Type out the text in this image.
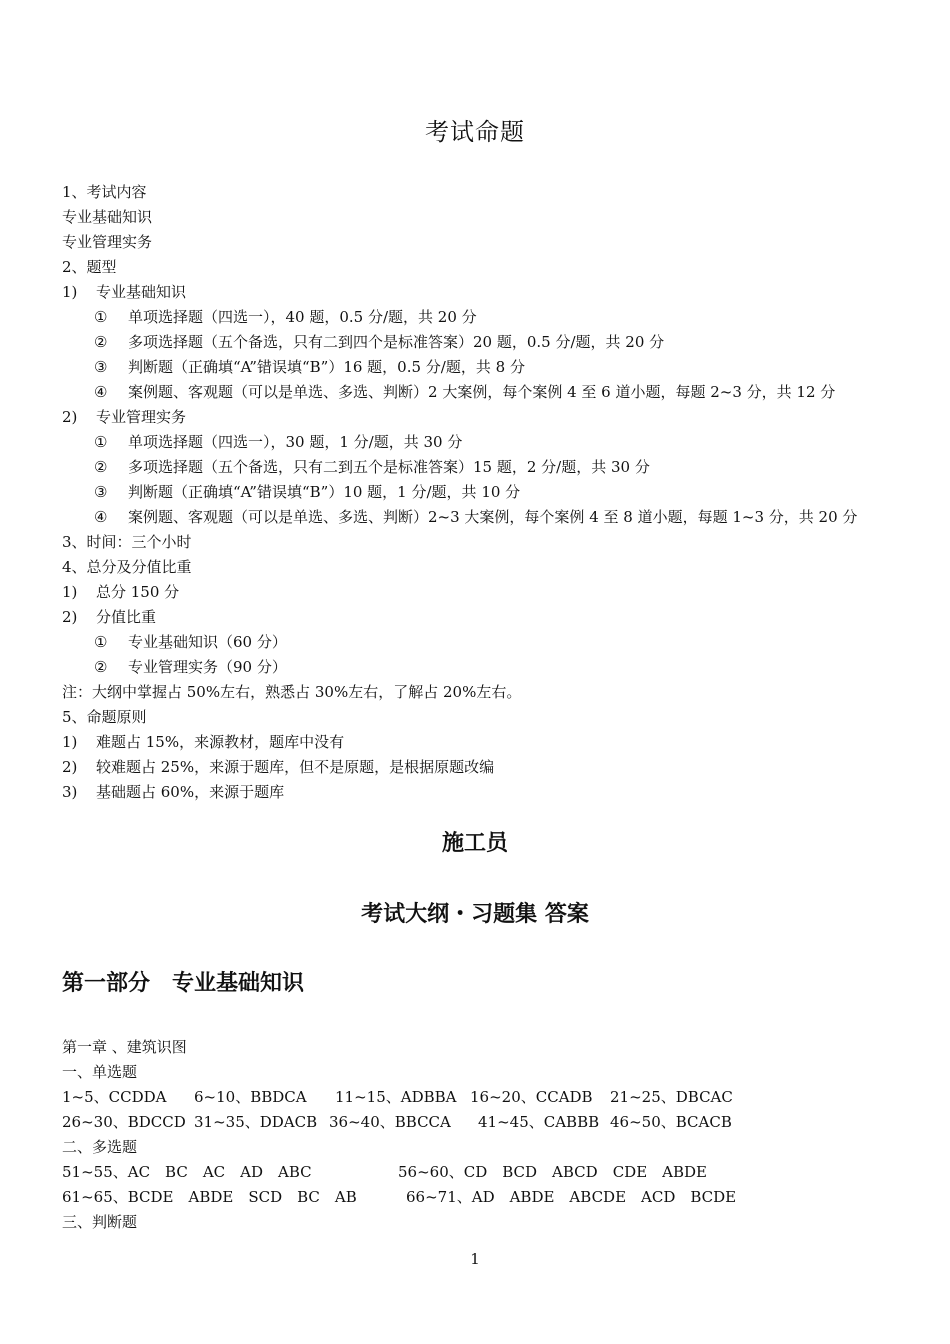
考试命题
1、考试内容
专业基础知识
专业管理实务
2、题型
1) 专业基础知识
① 单项选择题（四选一），40 题，0.5 分/题，共 20 分
② 多项选择题（五个备选，只有二到四个是标准答案）20 题，0.5 分/题，共 20 分
③ 判断题（正确填“A”错误填“B”）16 题，0.5 分/题，共 8 分
④ 案例题、客观题（可以是单选、多选、判断）2 大案例，每个案例 4 至 6 道小题，每题 2~3 分，共 12 分
2) 专业管理实务
① 单项选择题（四选一），30 题，1 分/题，共 30 分
② 多项选择题（五个备选，只有二到五个是标准答案）15 题，2 分/题，共 30 分
③ 判断题（正确填“A”错误填“B”）10 题，1 分/题，共 10 分
④ 案例题、客观题（可以是单选、多选、判断）2~3 大案例，每个案例 4 至 8 道小题，每题 1~3 分，共 20 分
3、时间：三个小时
4、总分及分值比重
1) 总分 150 分
2) 分值比重
① 专业基础知识（60 分）
② 专业管理实务（90 分）
注：大纲中掌握占 50%左右，熟悉占 30%左右，了解占 20%左右。
5、命题原则
1) 难题占 15%，来源教材，题库中没有
2) 较难题占 25%，来源于题库，但不是原题，是根据原题改编
3) 基础题占 60%，来源于题库
施工员
考试大纲・习题集 答案
第一部分　专业基础知识
第一章 、建筑识图
一、单选题
1~5、CCDDA 6~10、BBDCA 11~15、ADBBA 16~20、CCADB 21~25、DBCAC
26~30、BDCCD 31~35、DDACB 36~40、BBCCA 41~45、CABBB 46~50、BCACB
二、多选题
51~55、AC　BC　AC　AD　ABC	56~60、CD　BCD　ABCD　CDE　ABDE
61~65、BCDE　ABDE　SCD　BC　AB	66~71、AD　ABDE　ABCDE　ACD　BCDE
三、判断题
1
